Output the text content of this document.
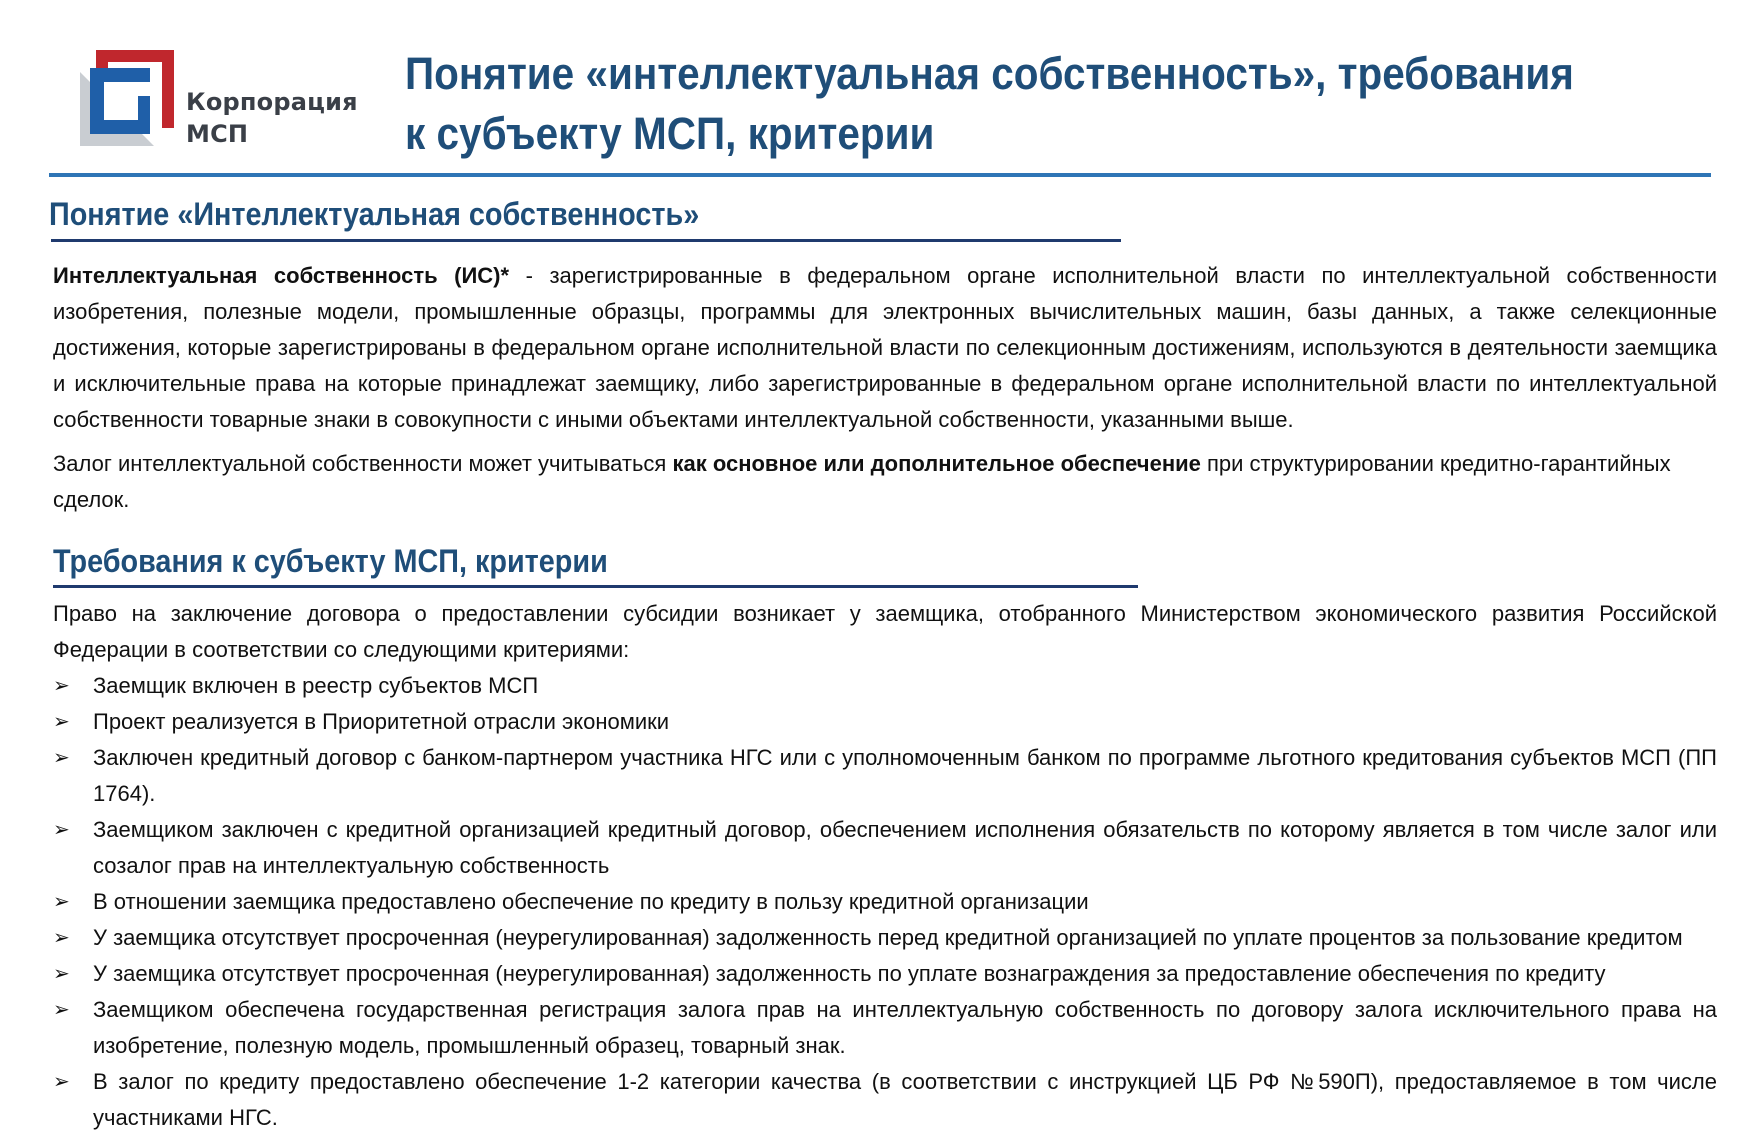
Корпорация
МСП
Понятие «интеллектуальная собственность», требования к субъекту МСП, критерии
Понятие «Интеллектуальная собственность»

Интеллектуальная собственность (ИС)* - зарегистрированные в федеральном органе исполнительной власти по интеллектуальной собственности изобретения, полезные модели, промышленные образцы, программы для электронных вычислительных машин, базы данных, а также селекционные достижения, которые зарегистрированы в федеральном органе исполнительной власти по селекционным достижениям, используются в деятельности заемщика и исключительные права на которые принадлежат заемщику, либо зарегистрированные в федеральном органе исполнительной власти по интеллектуальной собственности товарные знаки в совокупности с иными объектами интеллектуальной собственности, указанными выше.

Залог интеллектуальной собственности может учитываться как основное или дополнительное обеспечение при структурировании кредитно-гарантийных сделок.

Требования к субъекту МСП, критерии

Право на заключение договора о предоставлении субсидии возникает у заемщика, отобранного Министерством экономического развития Российской Федерации в соответствии со следующими критериями:

➢	Заемщик включен в реестр субъектов МСП
➢	Проект реализуется в Приоритетной отрасли экономики
➢	Заключен кредитный договор с банком-партнером участника НГС или с уполномоченным банком по программе льготного кредитования субъектов МСП (ПП 1764).
➢	Заемщиком заключен с кредитной организацией кредитный договор, обеспечением исполнения обязательств по которому является в том числе залог или созалог прав на интеллектуальную собственность
➢	В отношении заемщика предоставлено обеспечение по кредиту в пользу кредитной организации
➢	У заемщика отсутствует просроченная (неурегулированная) задолженность перед кредитной организацией по уплате процентов за пользование кредитом
➢	У заемщика отсутствует просроченная (неурегулированная) задолженность по уплате вознаграждения за предоставление обеспечения по кредиту
➢	Заемщиком обеспечена государственная регистрация залога прав на интеллектуальную собственность по договору залога исключительного права на изобретение, полезную модель, промышленный образец, товарный знак.
➢	В залог по кредиту предоставлено обеспечение 1-2 категории качества (в соответствии с инструкцией ЦБ РФ №590П), предоставляемое в том числе участниками НГС.
